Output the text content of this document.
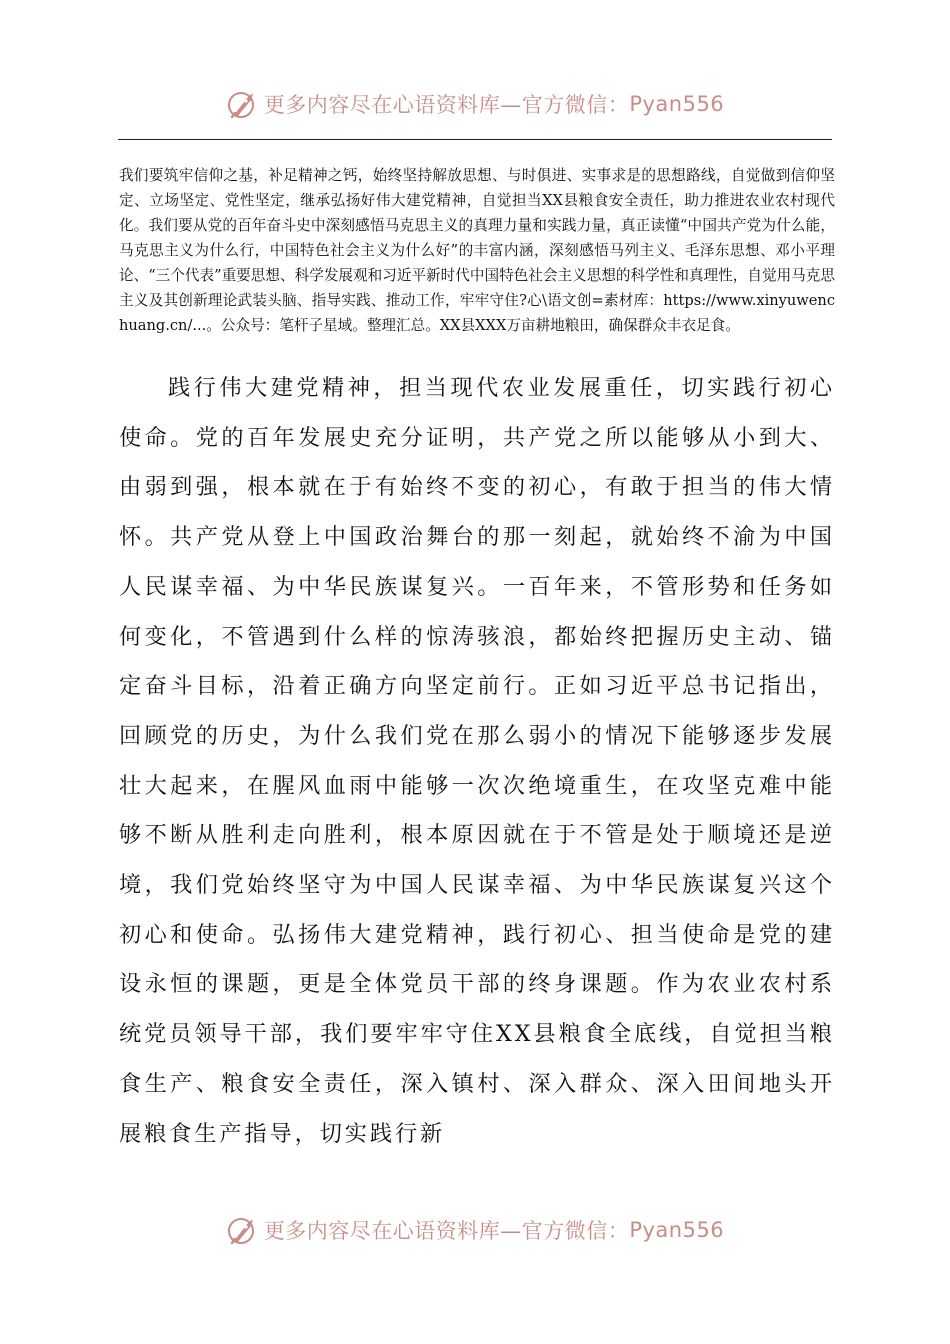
更多内容尽在心语资料库—官方微信： Pyan556

我们要筑牢信仰之基，补足精神之钙，始终坚持解放思想、与时俱进、实事求是的思想路线，自觉做到信仰坚定、立场坚定、党性坚定，继承弘扬好伟大建党精神，自觉担当XX县粮食安全责任，助力推进农业农村现代化。我们要从党的百年奋斗史中深刻感悟马克思主义的真理力量和实践力量，真正读懂“中国共产党为什么能，马克思主义为什么行，中国特色社会主义为什么好”的丰富内涵，深刻感悟马列主义、毛泽东思想、邓小平理论、“三个代表”重要思想、科学发展观和习近平新时代中国特色社会主义思想的科学性和真理性，自觉用马克思主义及其创新理论武装头脑、指导实践、推动工作，牢牢守住?心\语文创=素材库：https://www.xinyuwenchuang.cn/...。公众号：笔杆子星域。整理汇总。XX县XXX万亩耕地粮田，确保群众丰衣足食。

践行伟大建党精神，担当现代农业发展重任，切实践行初心使命。党的百年发展史充分证明，共产党之所以能够从小到大、由弱到强，根本就在于有始终不变的初心，有敢于担当的伟大情怀。共产党从登上中国政治舞台的那一刻起，就始终不渝为中国人民谋幸福、为中华民族谋复兴。一百年来，不管形势和任务如何变化，不管遇到什么样的惊涛骇浪，都始终把握历史主动、锚定奋斗目标，沿着正确方向坚定前行。正如习近平总书记指出，回顾党的历史，为什么我们党在那么弱小的情况下能够逐步发展壮大起来，在腥风血雨中能够一次次绝境重生，在攻坚克难中能够不断从胜利走向胜利，根本原因就在于不管是处于顺境还是逆境，我们党始终坚守为中国人民谋幸福、为中华民族谋复兴这个初心和使命。弘扬伟大建党精神，践行初心、担当使命是党的建设永恒的课题，更是全体党员干部的终身课题。作为农业农村系统党员领导干部，我们要牢牢守住XX县粮食全底线，自觉担当粮食生产、粮食安全责任，深入镇村、深入群众、深入田间地头开展粮食生产指导，切实践行新

更多内容尽在心语资料库—官方微信： Pyan556
